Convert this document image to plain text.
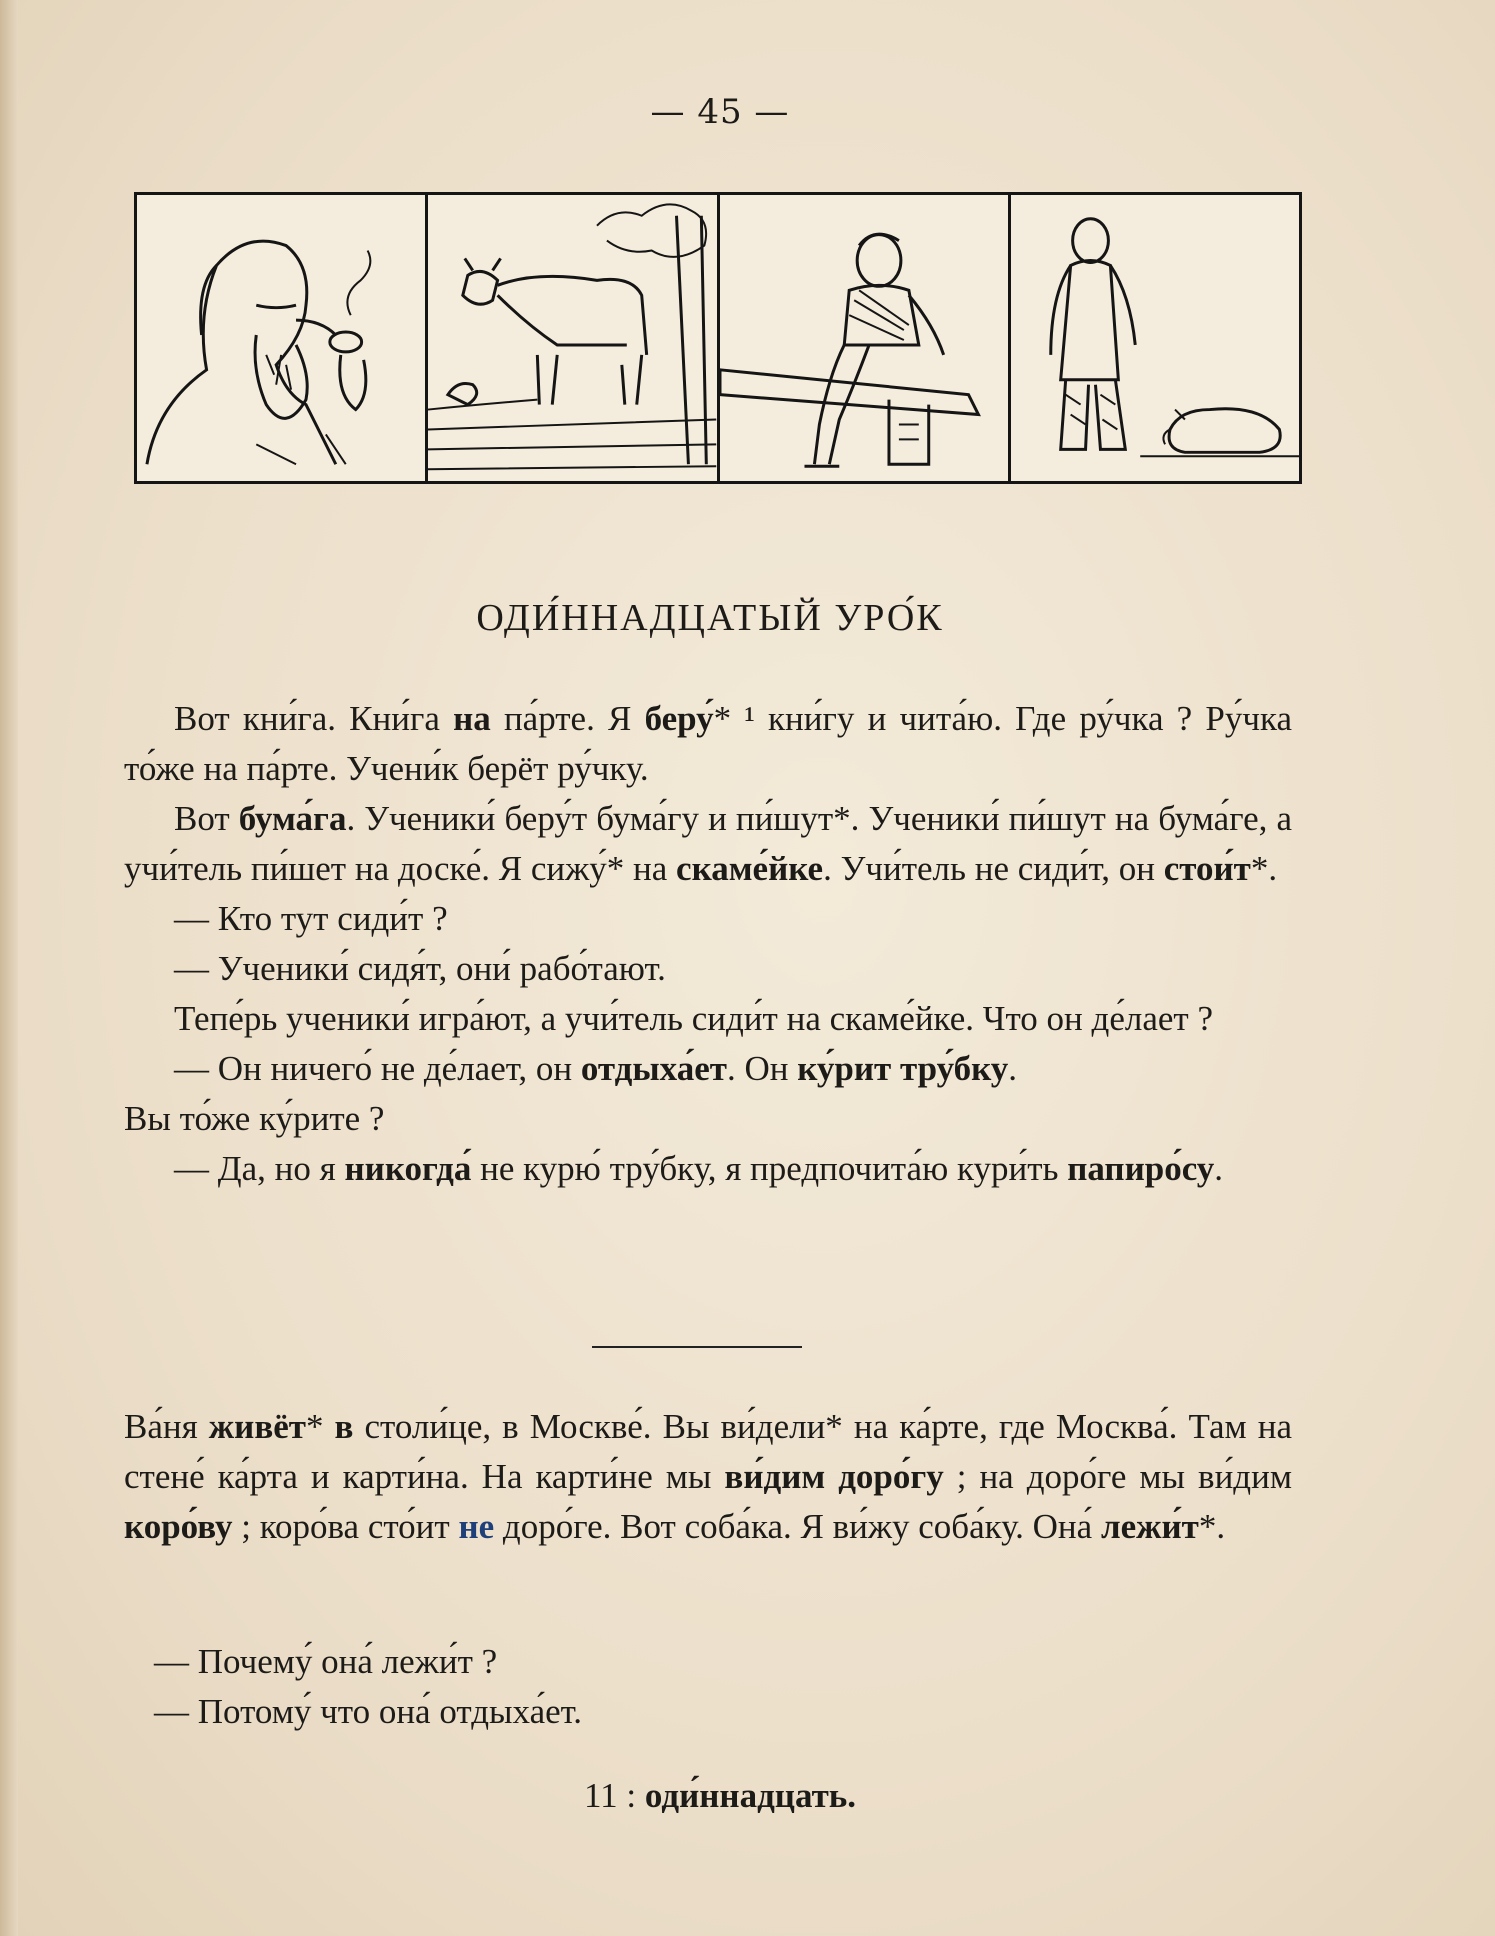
— 45 —
ОДИ́ННАДЦАТЫЙ УРО́К

Вот кни́га. Кни́га на па́рте. Я беру́* ¹ кни́гу и чита́ю. Где ру́чка ? Ру́чка то́же на па́рте. Учени́к берёт ру́чку.

Вот бума́га. Ученики́ беру́т бума́гу и пи́шут*. Ученики́ пи́шут на бума́ге, а учи́тель пи́шет на доске́. Я сижу́* на скаме́йке. Учи́тель не сиди́т, он стои́т*.

— Кто тут сиди́т ?

— Ученики́ сидя́т, они́ рабо́тают.

Тепе́рь ученики́ игра́ют, а учи́тель сиди́т на скаме́йке. Что он де́лает ?

— Он ничего́ не де́лает, он отдыха́ет. Он ку́рит тру́бку.

Вы то́же ку́рите ?

— Да, но я никогда́ не курю́ тру́бку, я предпочита́ю кури́ть папиро́су.

Ва́ня живёт* в столи́це, в Москве́. Вы ви́дели* на ка́рте, где Москва́. Там на стене́ ка́рта и карти́на. На карти́не мы ви́дим доро́гу ; на доро́ге мы ви́дим коро́ву ; коро́ва сто́ит не доро́ге. Вот соба́ка. Я ви́жу соба́ку. Она́ лежи́т*.

— Почему́ она́ лежи́т ?

— Потому́ что она́ отдыха́ет.

11 : оди́ннадцать.
